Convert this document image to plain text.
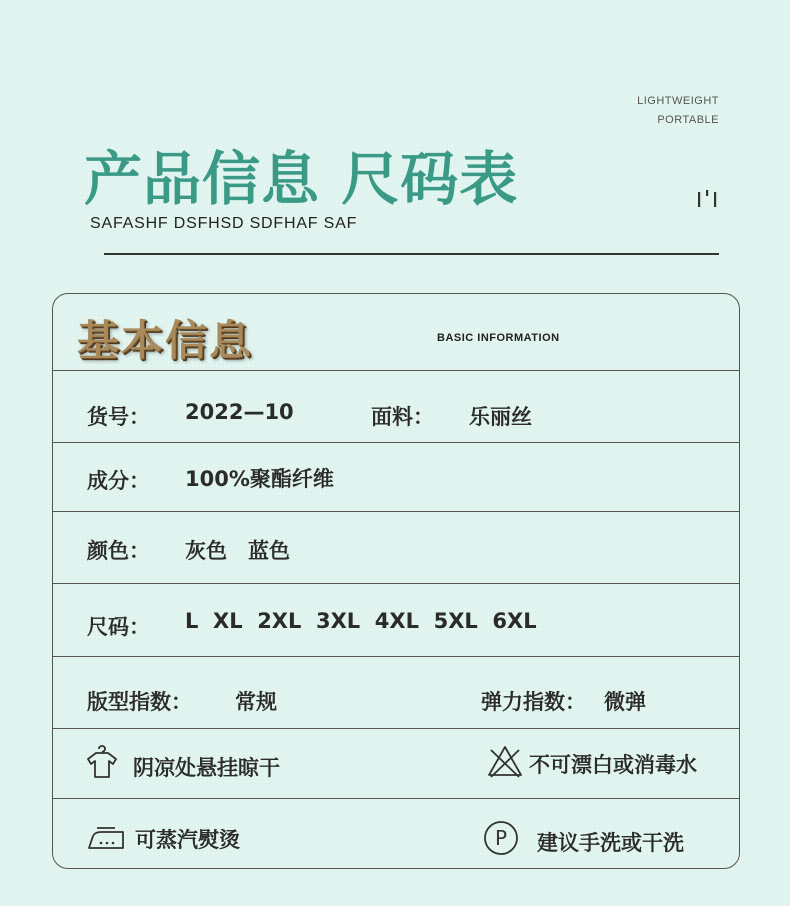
LIGHTWEIGHT
PORTABLE
产品信息 尺码表
SAFASHF DSFHSD SDFHAF SAF
基本信息	BASIC INFORMATION
货号： 2022—10	面料： 乐丽丝
成分： 100%聚酯纤维
颜色： 灰色　蓝色
尺码： L  XL  2XL  3XL  4XL  5XL  6XL
版型指数： 常规	弹力指数： 微弹
阴凉处悬挂晾干	不可漂白或消毒水
可蒸汽熨烫	P 建议手洗或干洗
